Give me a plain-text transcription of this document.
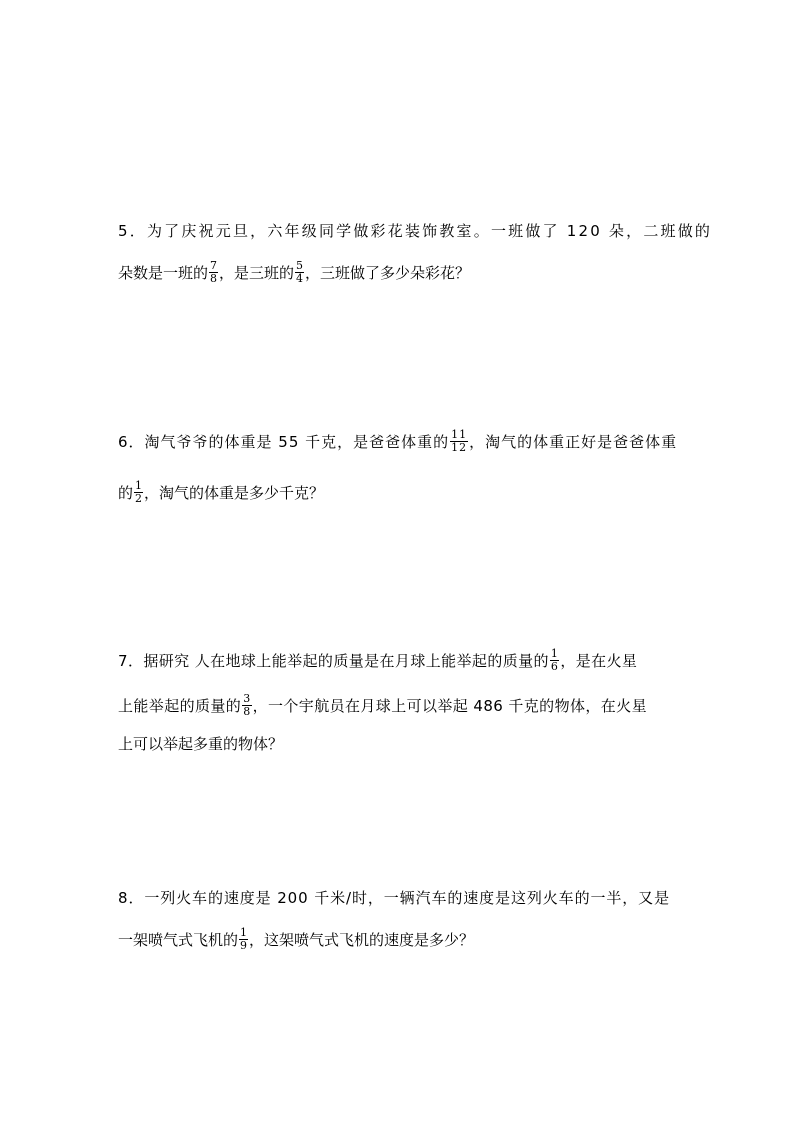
5．为了庆祝元旦，六年级同学做彩花装饰教室。一班做了 120 朵，二班做的
朵数是一班的 $\frac{7}{8}$ ，是三班的 $\frac{5}{4}$ ，三班做了多少朵彩花？
6．淘气爷爷的体重是 55 千克，是爸爸体重的 $\frac{11}{12}$ ，淘气的体重正好是爸爸体重
的 $\frac{1}{2}$ ，淘气的体重是多少千克？
7．据研究 人在地球上能举起的质量是在月球上能举起的质量的 $\frac{1}{6}$ ，是在火星
上能举起的质量的 $\frac{3}{8}$ ，一个宇航员在月球上可以举起 486 千克的物体，在火星
上可以举起多重的物体？
8．一列火车的速度是 200 千米/时，一辆汽车的速度是这列火车的一半，又是
一架喷气式飞机的 $\frac{1}{9}$ ，这架喷气式飞机的速度是多少？
